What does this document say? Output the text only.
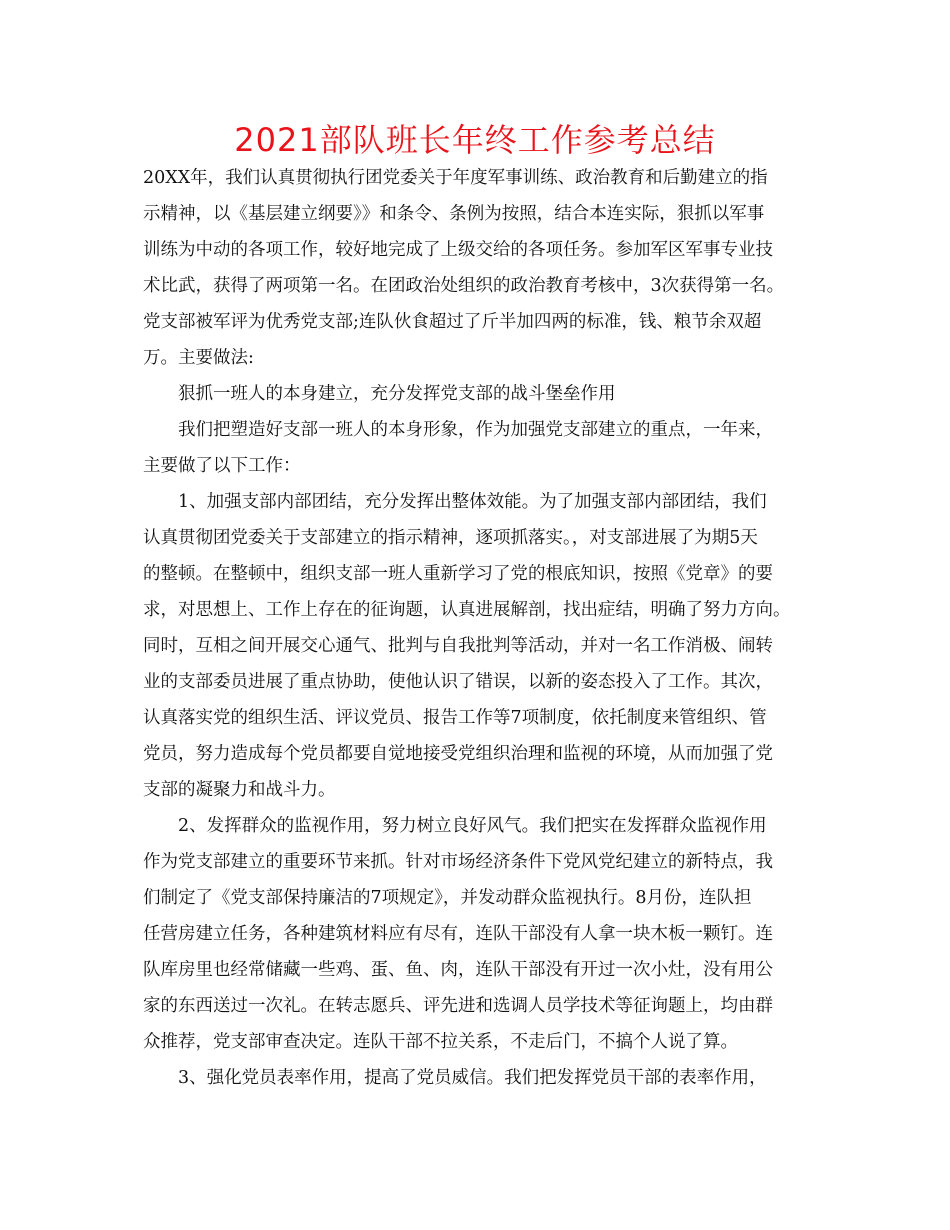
2021部队班长年终工作参考总结
20XX年，我们认真贯彻执行团党委关于年度军事训练、政治教育和后勤建立的指
示精神，以《基层建立纲要》》和条令、条例为按照，结合本连实际，狠抓以军事
训练为中动的各项工作，较好地完成了上级交给的各项任务。参加军区军事专业技
术比武，获得了两项第一名。在团政治处组织的政治教育考核中，3次获得第一名。
党支部被军评为优秀党支部;连队伙食超过了斤半加四两的标准，钱、粮节余双超
万。主要做法:
狠抓一班人的本身建立，充分发挥党支部的战斗堡垒作用
我们把塑造好支部一班人的本身形象，作为加强党支部建立的重点，一年来，
主要做了以下工作：
1、加强支部内部团结，充分发挥出整体效能。为了加强支部内部团结，我们
认真贯彻团党委关于支部建立的指示精神，逐项抓落实。，对支部进展了为期5天
的整顿。在整顿中，组织支部一班人重新学习了党的根底知识，按照《党章》的要
求，对思想上、工作上存在的征询题，认真进展解剖，找出症结，明确了努力方向。
同时，互相之间开展交心通气、批判与自我批判等活动，并对一名工作消极、闹转
业的支部委员进展了重点协助，使他认识了错误，以新的姿态投入了工作。其次，
认真落实党的组织生活、评议党员、报告工作等7项制度，依托制度来管组织、管
党员，努力造成每个党员都要自觉地接受党组织治理和监视的环境，从而加强了党
支部的凝聚力和战斗力。
2、发挥群众的监视作用，努力树立良好风气。我们把实在发挥群众监视作用
作为党支部建立的重要环节来抓。针对市场经济条件下党风党纪建立的新特点，我
们制定了《党支部保持廉洁的7项规定》，并发动群众监视执行。8月份，连队担
任营房建立任务，各种建筑材料应有尽有，连队干部没有人拿一块木板一颗钉。连
队库房里也经常储藏一些鸡、蛋、鱼、肉，连队干部没有开过一次小灶，没有用公
家的东西送过一次礼。在转志愿兵、评先进和选调人员学技术等征询题上，均由群
众推荐，党支部审查决定。连队干部不拉关系，不走后门，不搞个人说了算。
3、强化党员表率作用，提高了党员威信。我们把发挥党员干部的表率作用，
